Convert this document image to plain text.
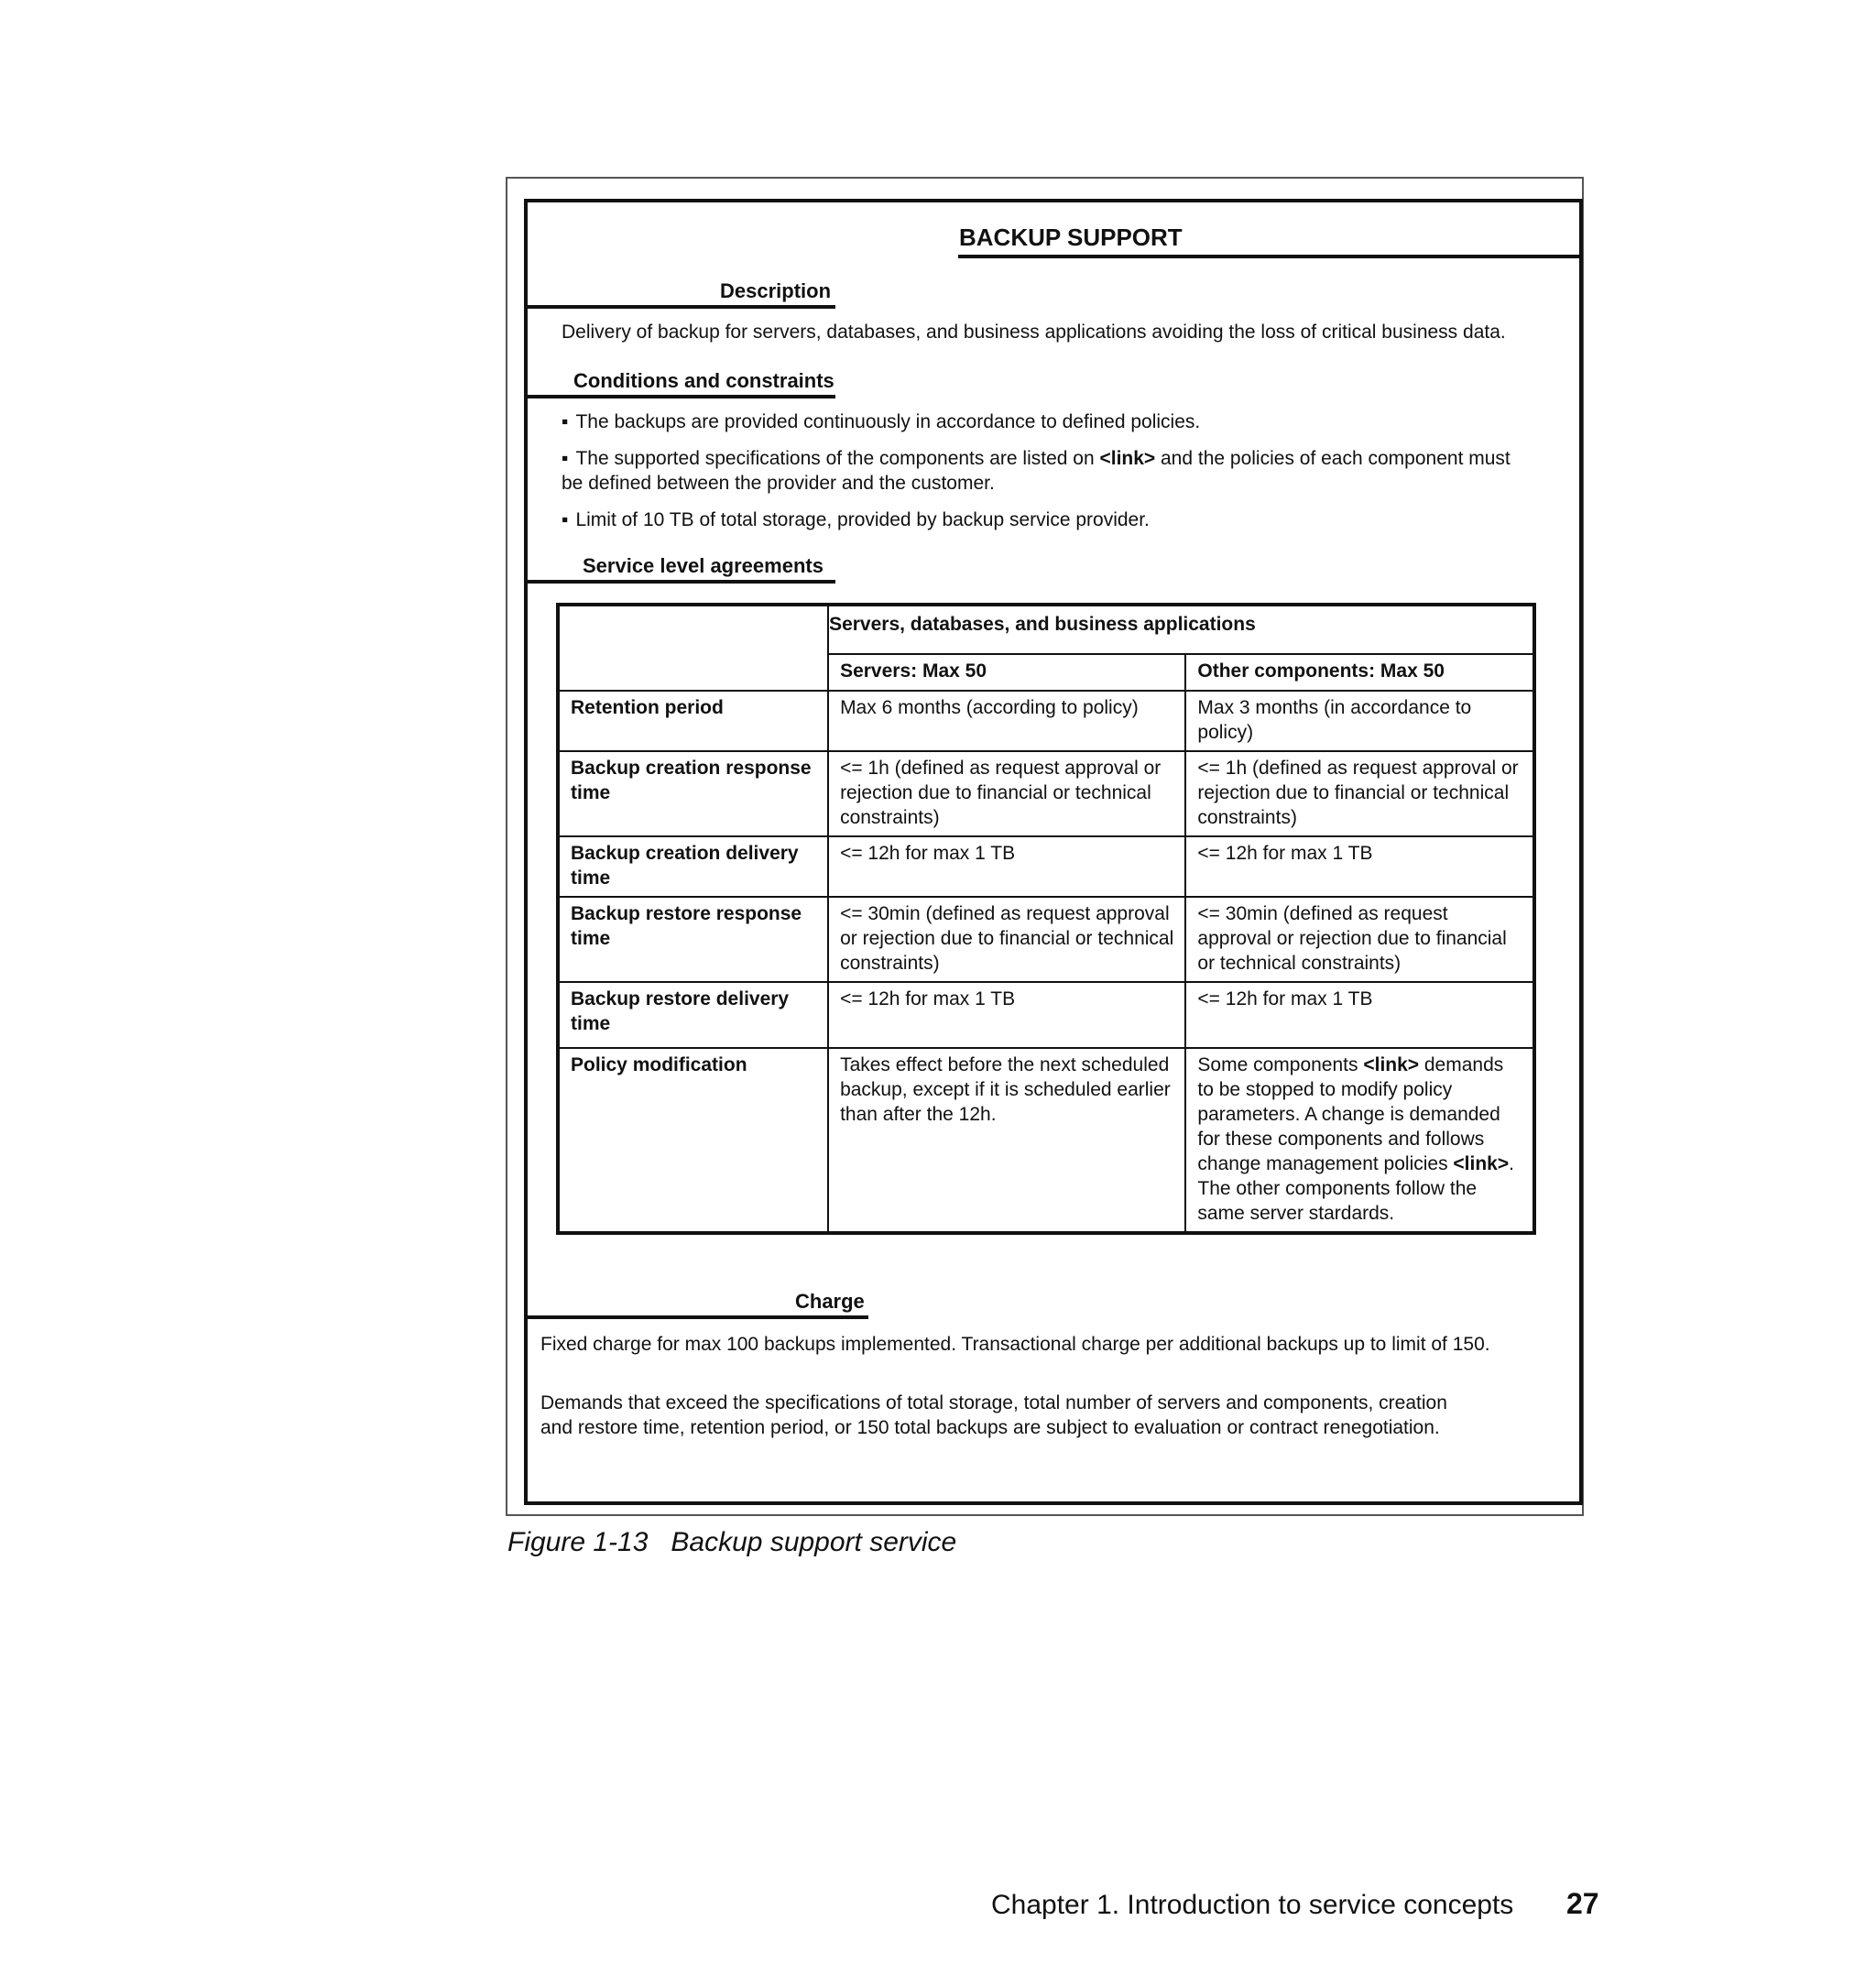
BACKUP SUPPORT
Description
Delivery of backup for servers, databases, and business applications avoiding the loss of critical business data.
Conditions and constraints
▪ The backups are provided continuously in accordance to defined policies.
▪ The supported specifications of the components are listed on <link> and the policies of each component must be defined between the provider and the customer.
▪ Limit of 10 TB of total storage, provided by backup service provider.
Service level agreements
	Servers, databases, and business applications	
	Servers: Max 50	Other components: Max 50
Retention period	Max 6 months (according to policy)	Max 3 months (in accordance to policy)
Backup creation response time	<= 1h (defined as request approval or rejection due to financial or technical constraints)	<= 1h (defined as request approval or rejection due to financial or technical constraints)
Backup creation delivery time	<= 12h for max 1 TB	<= 12h for max 1 TB
Backup restore response time	<= 30min (defined as request approval or rejection due to financial or technical constraints)	<= 30min (defined as request approval or rejection due to financial or technical constraints)
Backup restore delivery time	<= 12h for max 1 TB	<= 12h for max 1 TB
Policy modification	Takes effect before the next scheduled backup, except if it is scheduled earlier than after the 12h.	Some components <link> demands to be stopped to modify policy parameters. A change is demanded for these components and follows change management policies <link>. The other components follow the same server stardards.
Charge
Fixed charge for max 100 backups implemented. Transactional charge per additional backups up to limit of 150.
Demands that exceed the specifications of total storage, total number of servers and components, creation and restore time, retention period, or 150 total backups are subject to evaluation or contract renegotiation.
Figure 1-13   Backup support service
Chapter 1. Introduction to service concepts 27
